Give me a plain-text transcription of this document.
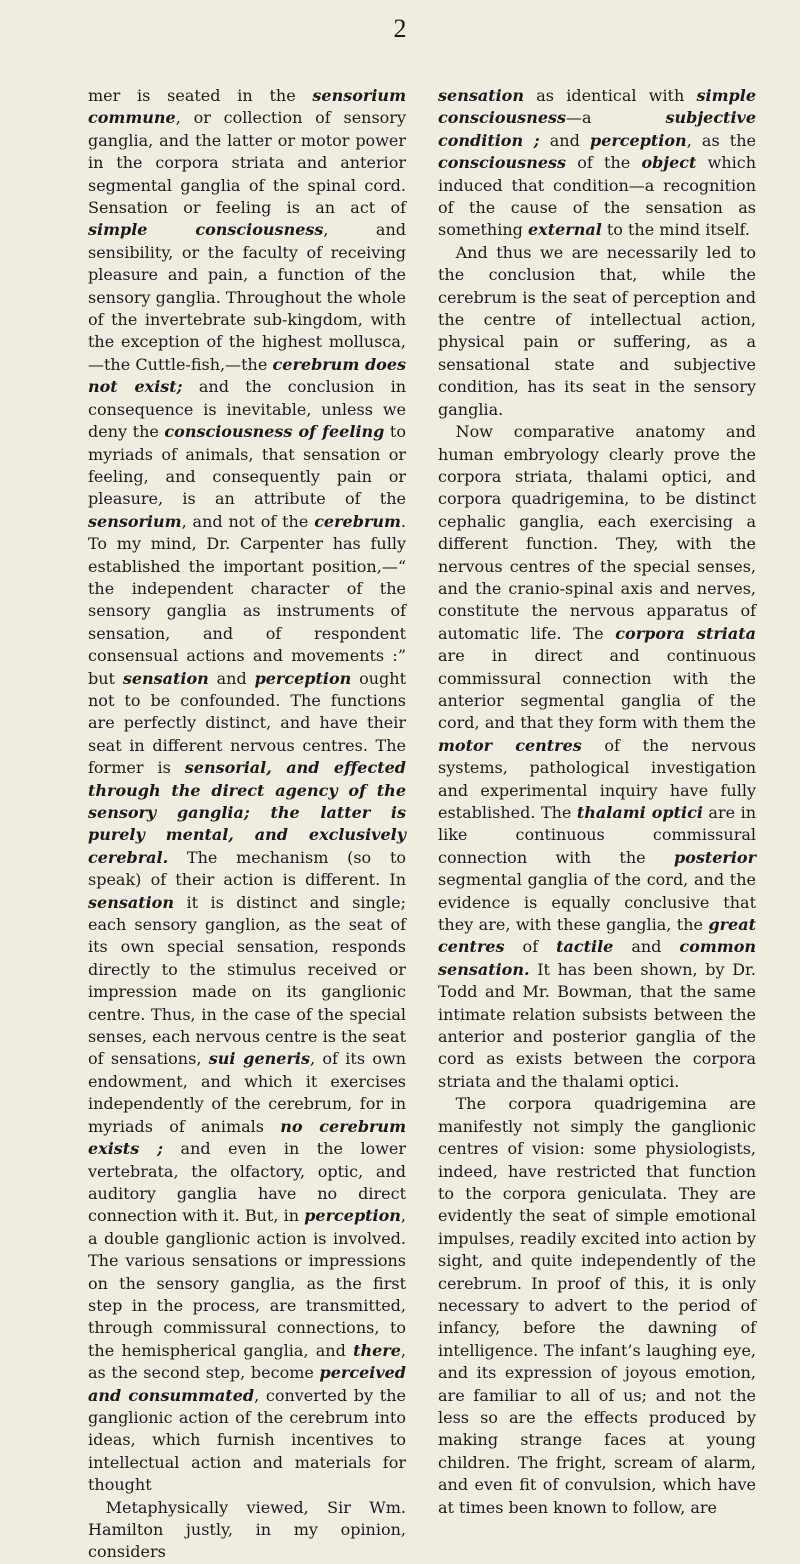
2

mer is seated in the sensorium commune, or collection of sensory ganglia, and the latter or motor power in the corpora striata and anterior segmental ganglia of the spinal cord. Sensation or feeling is an act of simple consciousness, and sensibility, or the faculty of receiving pleasure and pain, a function of the sensory ganglia. Throughout the whole of the invertebrate sub-kingdom, with the exception of the highest mollusca,—the Cuttle-fish,—the cerebrum does not exist; and the conclusion in consequence is inevitable, unless we deny the consciousness of feeling to myriads of animals, that sensation or feeling, and consequently pain or pleasure, is an attribute of the sensorium, and not of the cerebrum. To my mind, Dr. Carpenter has fully established the important position,—“ the independent character of the sensory ganglia as instruments of sensation, and of respondent consensual actions and movements :” but sensation and perception ought not to be confounded. The functions are perfectly distinct, and have their seat in different nervous centres. The former is sensorial, and effected through the direct agency of the sensory ganglia; the latter is purely mental, and exclusively cerebral. The mechanism (so to speak) of their action is different. In sensation it is distinct and single; each sensory ganglion, as the seat of its own special sensation, responds directly to the stimulus received or impression made on its ganglionic centre. Thus, in the case of the special senses, each nervous centre is the seat of sensations, sui generis, of its own endowment, and which it exercises independently of the cerebrum, for in myriads of animals no cerebrum exists ; and even in the lower vertebrata, the olfactory, optic, and auditory ganglia have no direct connection with it. But, in perception, a double ganglionic action is involved. The various sensations or impressions on the sensory ganglia, as the first step in the process, are transmitted, through commissural connections, to the hemispherical ganglia, and there, as the second step, become perceived and consummated, converted by the ganglionic action of the cerebrum into ideas, which furnish incentives to intellectual action and materials for thought

Metaphysically viewed, Sir Wm. Hamilton justly, in my opinion, considers

sensation as identical with simple consciousness—a subjective condition ; and perception, as the consciousness of the object which induced that condition—a recognition of the cause of the sensation as something external to the mind itself.

And thus we are necessarily led to the conclusion that, while the cerebrum is the seat of perception and the centre of intellectual action, physical pain or suffering, as a sensational state and subjective condition, has its seat in the sensory ganglia.

Now comparative anatomy and human embryology clearly prove the corpora striata, thalami optici, and corpora quadrigemina, to be distinct cephalic ganglia, each exercising a different function. They, with the nervous centres of the special senses, and the cranio-spinal axis and nerves, constitute the nervous apparatus of automatic life. The corpora striata are in direct and continuous commissural connection with the anterior segmental ganglia of the cord, and that they form with them the motor centres of the nervous systems, pathological investigation and experimental inquiry have fully established. The thalami optici are in like continuous commissural connection with the posterior segmental ganglia of the cord, and the evidence is equally conclusive that they are, with these ganglia, the great centres of tactile and common sensation. It has been shown, by Dr. Todd and Mr. Bowman, that the same intimate relation subsists between the anterior and posterior ganglia of the cord as exists between the corpora striata and the thalami optici.

The corpora quadrigemina are manifestly not simply the ganglionic centres of vision: some physiologists, indeed, have restricted that function to the corpora geniculata. They are evidently the seat of simple emotional impulses, readily excited into action by sight, and quite independently of the cerebrum. In proof of this, it is only necessary to advert to the period of infancy, before the dawning of intelligence. The infant’s laughing eye, and its expression of joyous emotion, are familiar to all of us; and not the less so are the effects produced by making strange faces at young children. The fright, scream of alarm, and even fit of convulsion, which have at times been known to follow, are
